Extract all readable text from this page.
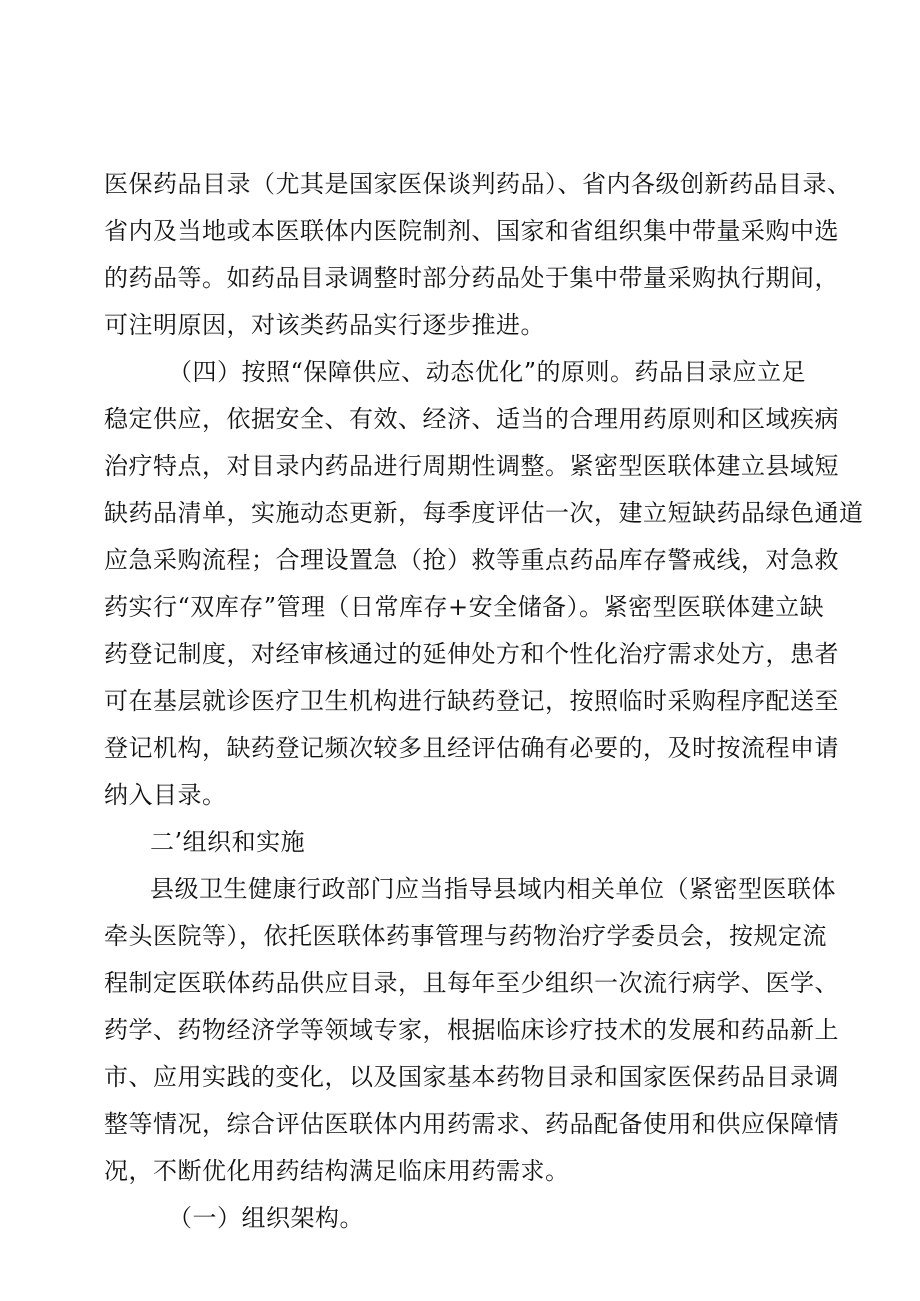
医保药品目录（尤其是国家医保谈判药品）、省内各级创新药品目录、
省内及当地或本医联体内医院制剂、国家和省组织集中带量采购中选
的药品等。如药品目录调整时部分药品处于集中带量采购执行期间，
可注明原因，对该类药品实行逐步推进。
（四）按照“保障供应、动态优化”的原则。药品目录应立足
稳定供应，依据安全、有效、经济、适当的合理用药原则和区域疾病
治疗特点，对目录内药品进行周期性调整。紧密型医联体建立县域短
缺药品清单，实施动态更新，每季度评估一次，建立短缺药品绿色通道
应急采购流程；合理设置急（抢）救等重点药品库存警戒线，对急救
药实行“双库存”管理（日常库存+安全储备）。紧密型医联体建立缺
药登记制度，对经审核通过的延伸处方和个性化治疗需求处方，患者
可在基层就诊医疗卫生机构进行缺药登记，按照临时采购程序配送至
登记机构，缺药登记频次较多且经评估确有必要的，及时按流程申请
纳入目录。
二’组织和实施
县级卫生健康行政部门应当指导县域内相关单位（紧密型医联体
牵头医院等），依托医联体药事管理与药物治疗学委员会，按规定流
程制定医联体药品供应目录，且每年至少组织一次流行病学、医学、
药学、药物经济学等领域专家，根据临床诊疗技术的发展和药品新上
市、应用实践的变化，以及国家基本药物目录和国家医保药品目录调
整等情况，综合评估医联体内用药需求、药品配备使用和供应保障情
况，不断优化用药结构满足临床用药需求。
（一）组织架构。
